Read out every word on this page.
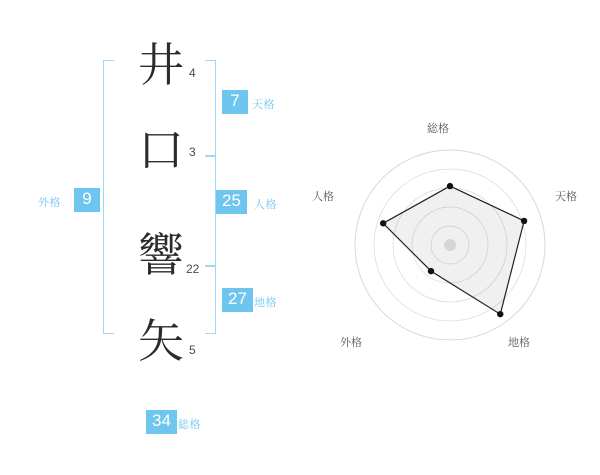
外格	9
井 4
口 3
響 22
矢 5
7	天格
25	人格
27 地格
34 総格
総格
天格
地格
外格
人格
